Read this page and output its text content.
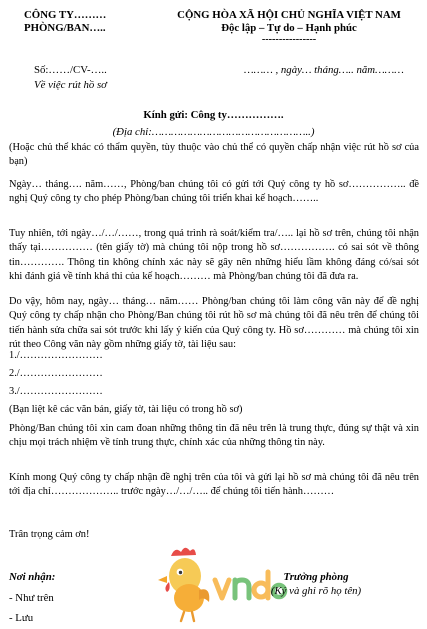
CÔNG TY………
PHÒNG/BAN…..
CỘNG HÒA XÃ HỘI CHỦ NGHĨA VIỆT NAM
Độc lập – Tự do – Hạnh phúc
----------------
Số:……/CV-…..	……… , ngày… tháng….. năm………
Về việc rút hồ sơ
Kính gửi: Công ty…………….
(Địa chỉ:…………………………………………..)
(Hoặc chủ thể khác có thẩm quyền, tùy thuộc vào chủ thể có quyền chấp nhận việc rút hồ sơ của bạn)
Ngày… tháng…. năm……, Phòng/ban chúng tôi có gửi tới Quý công ty hồ sơ…………….. đề nghị Quý công ty cho phép Phòng/ban chúng tôi triển khai kế hoạch……..
Tuy nhiên, tới ngày…/…/……, trong quá trình rà soát/kiểm tra/….. lại hồ sơ trên, chúng tôi nhận thấy tại…………… (tên giấy tờ) mà chúng tôi nộp trong hồ sơ……………. có sai sót về thông tin…………. Thông tin không chính xác này sẽ gây nên những hiểu lầm không đáng có/sai sót khi đánh giá về tính khả thi của kế hoạch……… mà Phòng/ban chúng tôi đã đưa ra.
Do vậy, hôm nay, ngày… tháng… năm…… Phòng/ban chúng tôi làm công văn này để đề nghị Quý công ty chấp nhận cho Phòng/Ban chúng tôi rút hồ sơ mà chúng tôi đã nêu trên để chúng tôi tiến hành sửa chữa sai sót trước khi lấy ý kiến của Quý công ty. Hồ sơ………… mà chúng tôi xin rút theo Công văn này gồm những giấy tờ, tài liệu sau:
1./……………………
2./……………………
3./……………………
(Bạn liệt kê các văn bản, giấy tờ, tài liệu có trong hồ sơ)
Phòng/Ban chúng tôi xin cam đoan những thông tin đã nêu trên là trung thực, đúng sự thật và xin chịu mọi trách nhiệm về tính trung thực, chính xác của những thông tin này.
Kính mong Quý công ty chấp nhận đề nghị trên của tôi và gửi lại hồ sơ mà chúng tôi đã nêu trên tới địa chỉ……………….. trước ngày…/…/….. để chúng tôi tiến hành………
Trân trọng cảm ơn!
Nơi nhận:
- Như trên
- Lưu
Trưởng phòng
(Ký và ghi rõ họ tên)
